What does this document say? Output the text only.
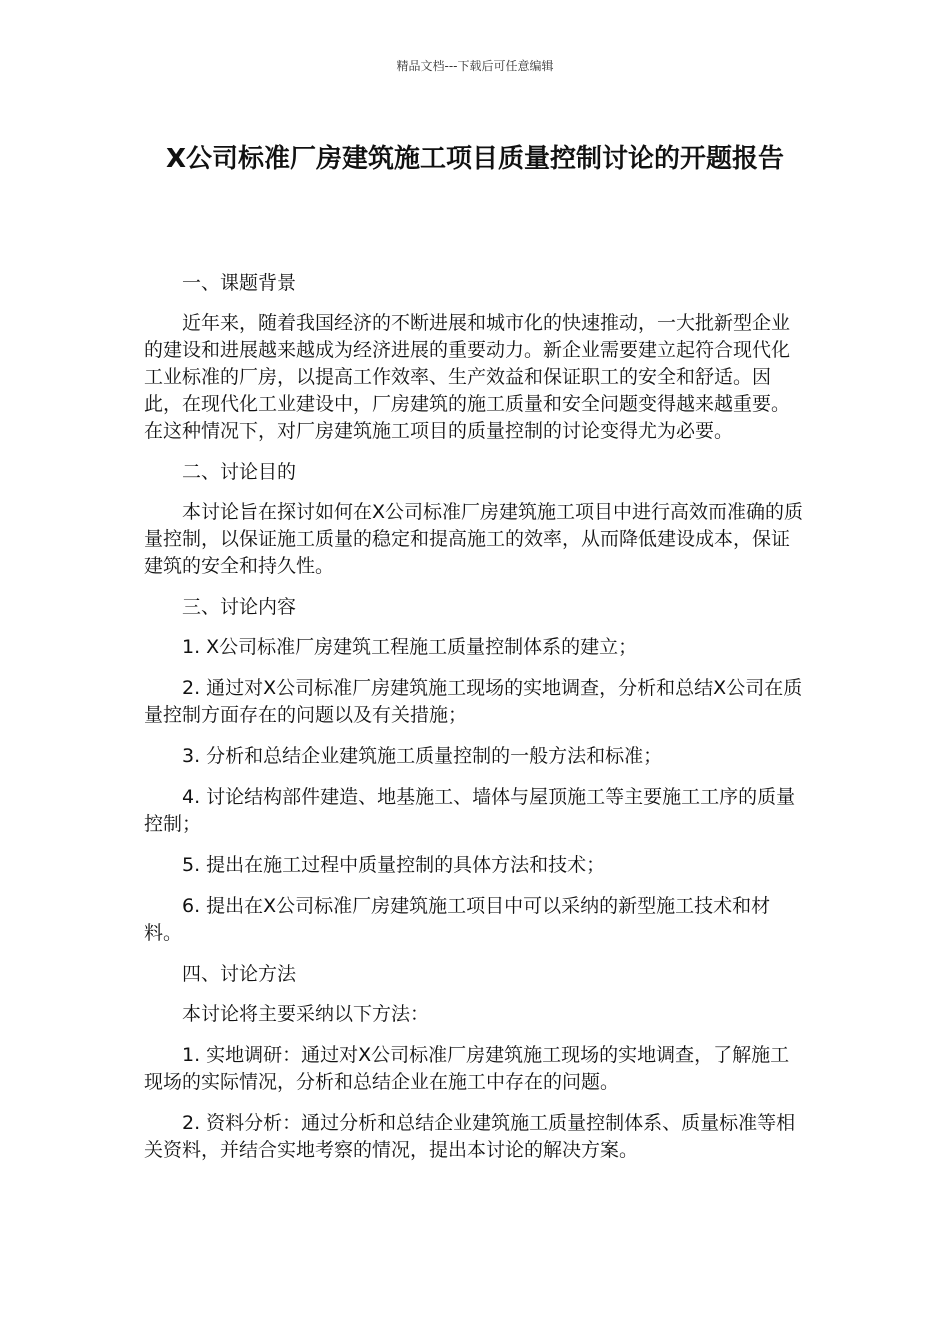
精品文档---下载后可任意编辑
X公司标准厂房建筑施工项目质量控制讨论的开题报告

一、课题背景

近年来，随着我国经济的不断进展和城市化的快速推动，一大批新型企业的建设和进展越来越成为经济进展的重要动力。新企业需要建立起符合现代化工业标准的厂房，以提高工作效率、生产效益和保证职工的安全和舒适。因此，在现代化工业建设中，厂房建筑的施工质量和安全问题变得越来越重要。在这种情况下，对厂房建筑施工项目的质量控制的讨论变得尤为必要。

二、讨论目的

本讨论旨在探讨如何在X公司标准厂房建筑施工项目中进行高效而准确的质量控制，以保证施工质量的稳定和提高施工的效率，从而降低建设成本，保证建筑的安全和持久性。

三、讨论内容

1. X公司标准厂房建筑工程施工质量控制体系的建立；

2. 通过对X公司标准厂房建筑施工现场的实地调查，分析和总结X公司在质量控制方面存在的问题以及有关措施；

3. 分析和总结企业建筑施工质量控制的一般方法和标准；

4. 讨论结构部件建造、地基施工、墙体与屋顶施工等主要施工工序的质量控制；

5. 提出在施工过程中质量控制的具体方法和技术；

6. 提出在X公司标准厂房建筑施工项目中可以采纳的新型施工技术和材料。

四、讨论方法

本讨论将主要采纳以下方法：

1. 实地调研：通过对X公司标准厂房建筑施工现场的实地调查，了解施工现场的实际情况，分析和总结企业在施工中存在的问题。

2. 资料分析：通过分析和总结企业建筑施工质量控制体系、质量标准等相关资料，并结合实地考察的情况，提出本讨论的解决方案。
